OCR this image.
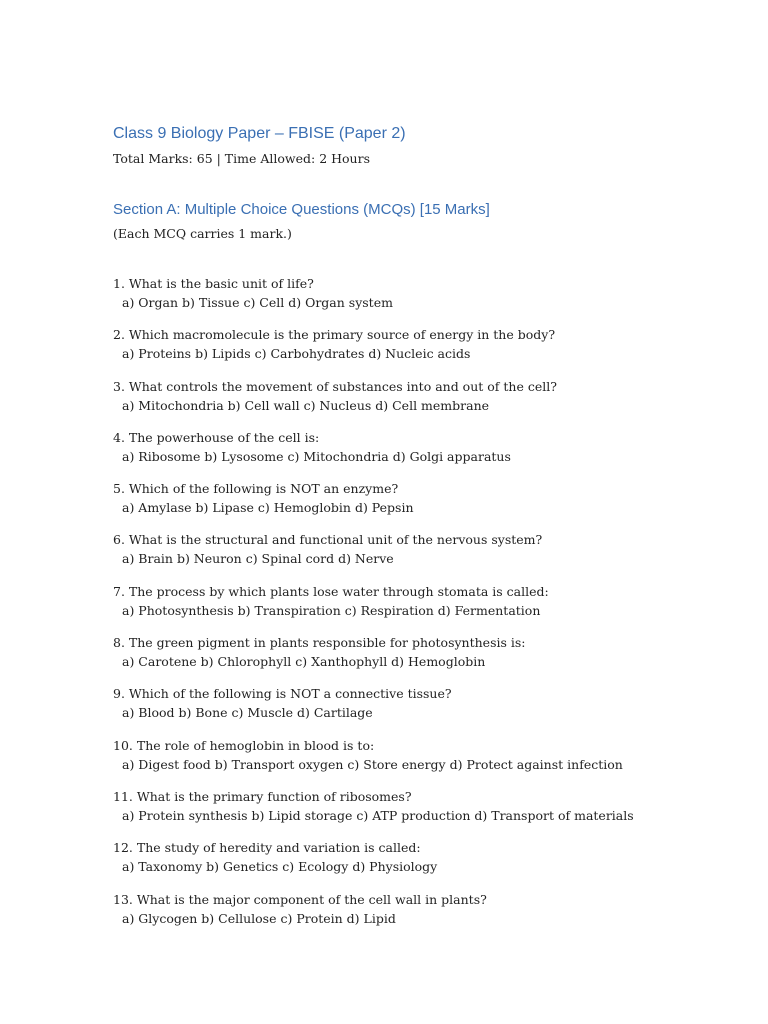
Class 9 Biology Paper – FBISE (Paper 2)
Total Marks: 65 | Time Allowed: 2 Hours
Section A: Multiple Choice Questions (MCQs) [15 Marks]
(Each MCQ carries 1 mark.)
1. What is the basic unit of life?
a) Organ b) Tissue c) Cell d) Organ system
2. Which macromolecule is the primary source of energy in the body?
a) Proteins b) Lipids c) Carbohydrates d) Nucleic acids
3. What controls the movement of substances into and out of the cell?
a) Mitochondria b) Cell wall c) Nucleus d) Cell membrane
4. The powerhouse of the cell is:
a) Ribosome b) Lysosome c) Mitochondria d) Golgi apparatus
5. Which of the following is NOT an enzyme?
a) Amylase b) Lipase c) Hemoglobin d) Pepsin
6. What is the structural and functional unit of the nervous system?
a) Brain b) Neuron c) Spinal cord d) Nerve
7. The process by which plants lose water through stomata is called:
a) Photosynthesis b) Transpiration c) Respiration d) Fermentation
8. The green pigment in plants responsible for photosynthesis is:
a) Carotene b) Chlorophyll c) Xanthophyll d) Hemoglobin
9. Which of the following is NOT a connective tissue?
a) Blood b) Bone c) Muscle d) Cartilage
10. The role of hemoglobin in blood is to:
a) Digest food b) Transport oxygen c) Store energy d) Protect against infection
11. What is the primary function of ribosomes?
a) Protein synthesis b) Lipid storage c) ATP production d) Transport of materials
12. The study of heredity and variation is called:
a) Taxonomy b) Genetics c) Ecology d) Physiology
13. What is the major component of the cell wall in plants?
a) Glycogen b) Cellulose c) Protein d) Lipid
